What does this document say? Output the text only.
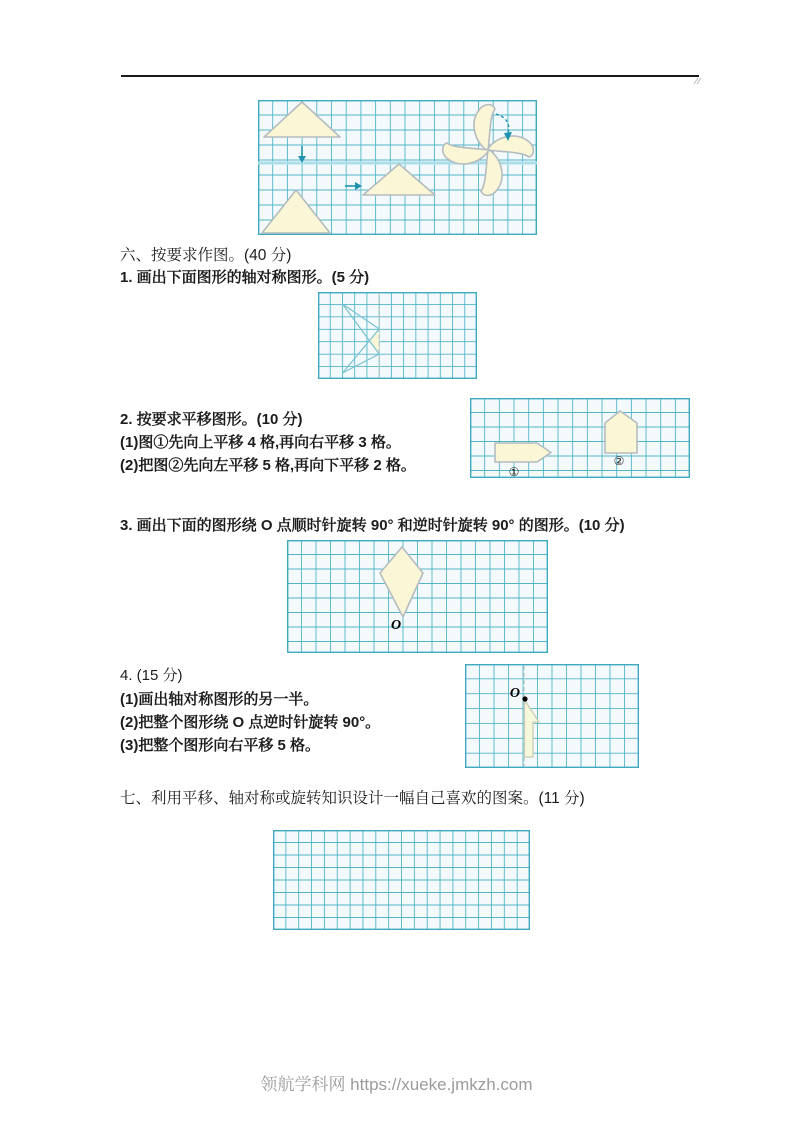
六、按要求作图。(40 分)
1. 画出下面图形的轴对称图形。(5 分)
2. 按要求平移图形。(10 分)
(1)图①先向上平移 4 格,再向右平移 3 格。
(2)把图②先向左平移 5 格,再向下平移 2 格。	①
②
3. 画出下面的图形绕 O 点顺时针旋转 90° 和逆时针旋转 90° 的图形。(10 分)
O
4. (15 分)
(1)画出轴对称图形的另一半。
(2)把整个图形绕 O 点逆时针旋转 90°。
(3)把整个图形向右平移 5 格。
O
七、利用平移、轴对称或旋转知识设计一幅自己喜欢的图案。(11 分)
领航学科网 https://xueke.jmkzh.com
